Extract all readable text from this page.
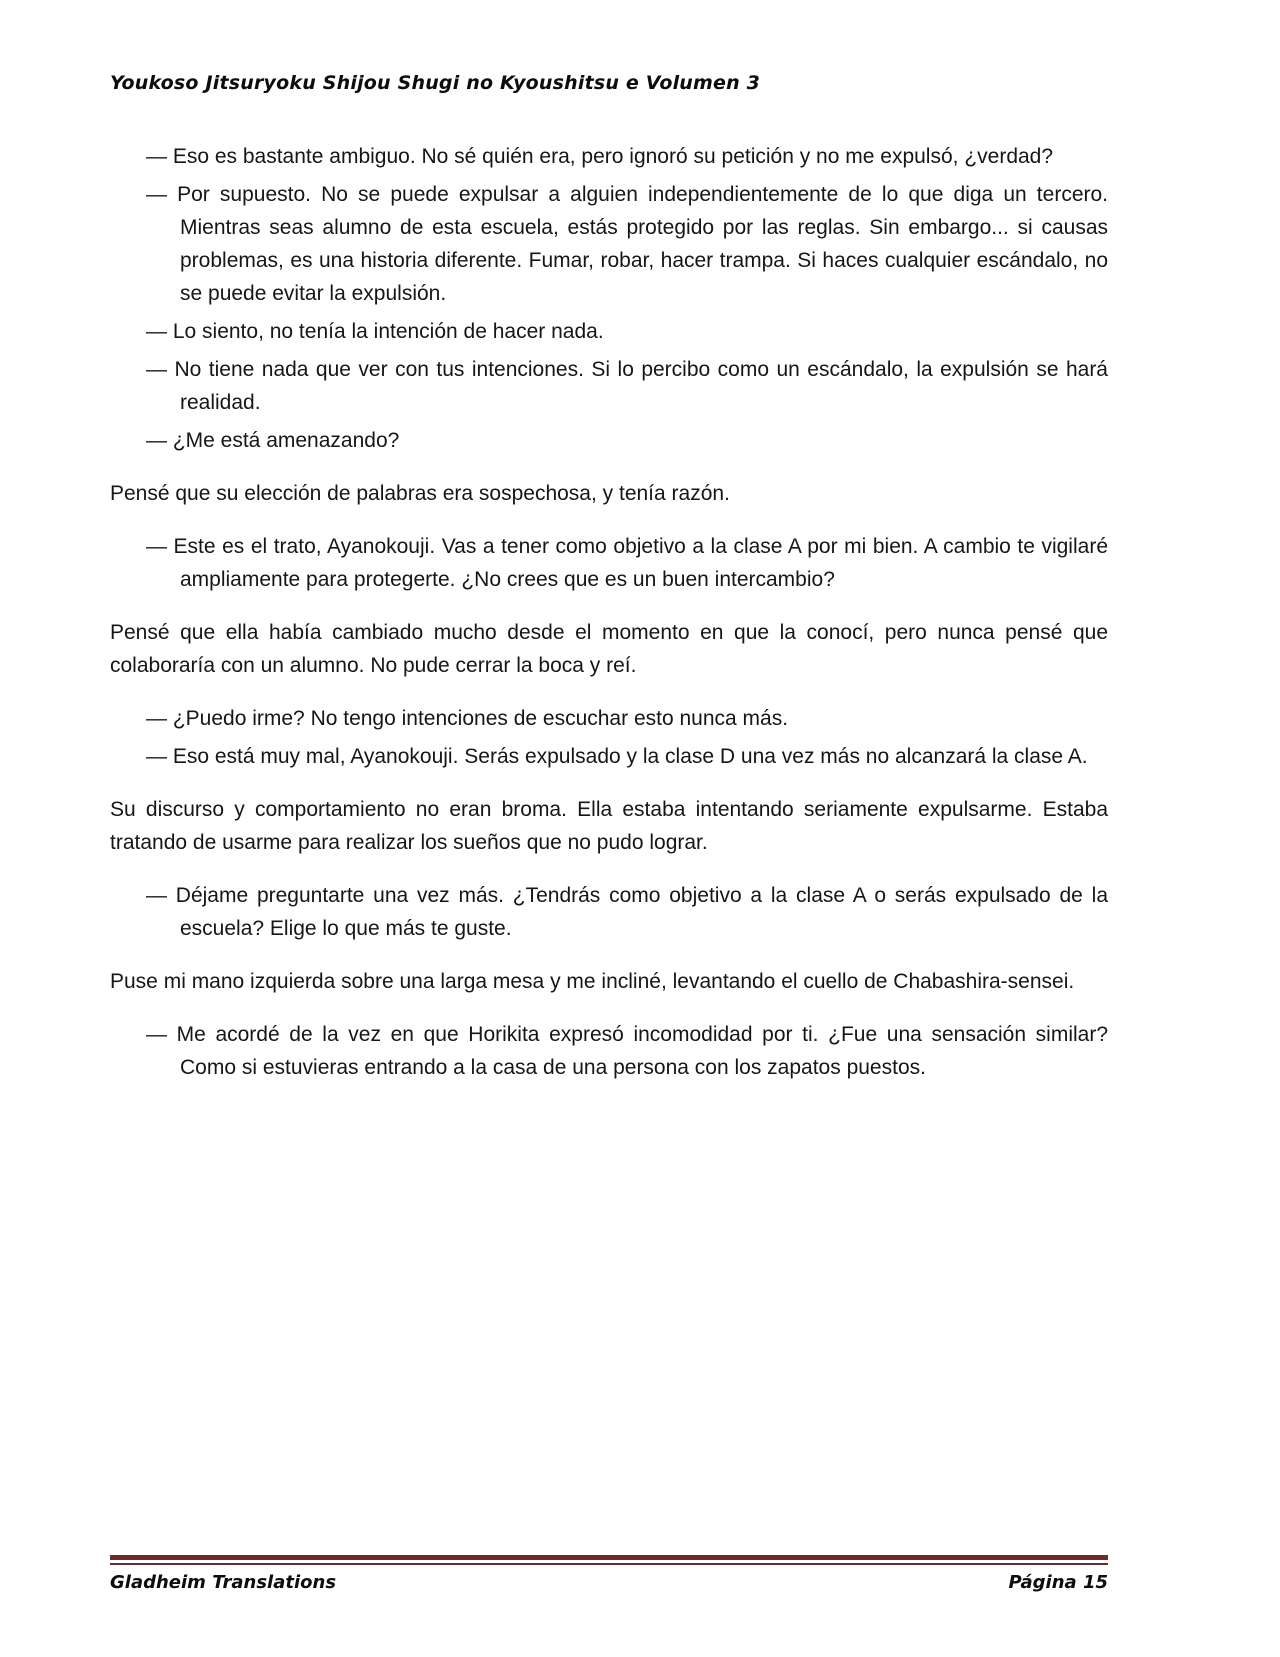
Youkoso Jitsuryoku Shijou Shugi no Kyoushitsu e Volumen 3

— Eso es bastante ambiguo. No sé quién era, pero ignoró su petición y no me expulsó, ¿verdad?

— Por supuesto. No se puede expulsar a alguien independientemente de lo que diga un tercero. Mientras seas alumno de esta escuela, estás protegido por las reglas. Sin embargo... si causas problemas, es una historia diferente. Fumar, robar, hacer trampa. Si haces cualquier escándalo, no se puede evitar la expulsión.

— Lo siento, no tenía la intención de hacer nada.

— No tiene nada que ver con tus intenciones. Si lo percibo como un escándalo, la expulsión se hará realidad.

— ¿Me está amenazando?

Pensé que su elección de palabras era sospechosa, y tenía razón.

— Este es el trato, Ayanokouji. Vas a tener como objetivo a la clase A por mi bien. A cambio te vigilaré ampliamente para protegerte. ¿No crees que es un buen intercambio?

Pensé que ella había cambiado mucho desde el momento en que la conocí, pero nunca pensé que colaboraría con un alumno. No pude cerrar la boca y reí.

— ¿Puedo irme? No tengo intenciones de escuchar esto nunca más.

— Eso está muy mal, Ayanokouji. Serás expulsado y la clase D una vez más no alcanzará la clase A.

Su discurso y comportamiento no eran broma. Ella estaba intentando seriamente expulsarme. Estaba tratando de usarme para realizar los sueños que no pudo lograr.

— Déjame preguntarte una vez más. ¿Tendrás como objetivo a la clase A o serás expulsado de la escuela? Elige lo que más te guste.

Puse mi mano izquierda sobre una larga mesa y me incliné, levantando el cuello de Chabashira-sensei.

— Me acordé de la vez en que Horikita expresó incomodidad por ti. ¿Fue una sensación similar? Como si estuvieras entrando a la casa de una persona con los zapatos puestos.

Gladheim Translations	Página 15
